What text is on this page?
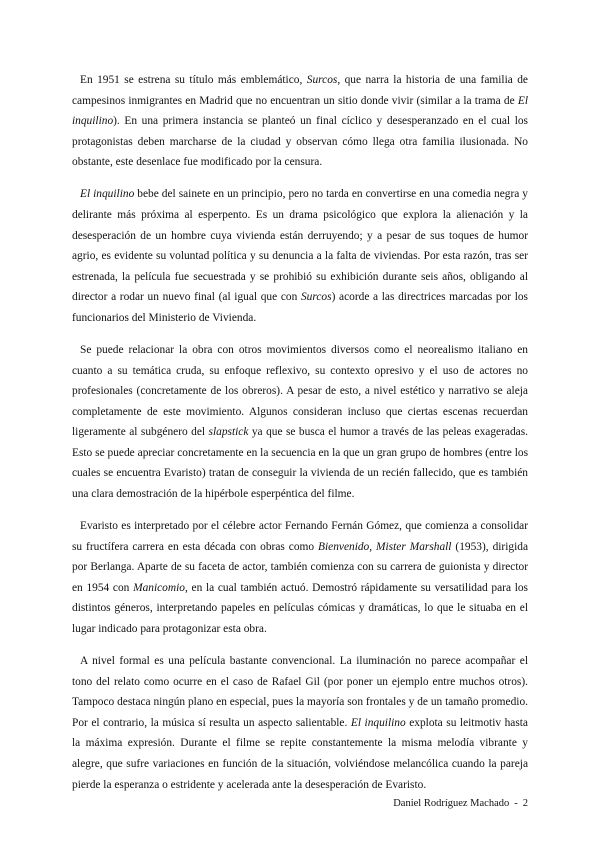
En 1951 se estrena su título más emblemático, Surcos, que narra la historia de una familia de campesinos inmigrantes en Madrid que no encuentran un sitio donde vivir (similar a la trama de El inquilino). En una primera instancia se planteó un final cíclico y desesperanzado en el cual los protagonistas deben marcharse de la ciudad y observan cómo llega otra familia ilusionada. No obstante, este desenlace fue modificado por la censura.

El inquilino bebe del sainete en un principio, pero no tarda en convertirse en una comedia negra y delirante más próxima al esperpento. Es un drama psicológico que explora la alienación y la desesperación de un hombre cuya vivienda están derruyendo; y a pesar de sus toques de humor agrio, es evidente su voluntad política y su denuncia a la falta de viviendas. Por esta razón, tras ser estrenada, la película fue secuestrada y se prohibió su exhibición durante seis años, obligando al director a rodar un nuevo final (al igual que con Surcos) acorde a las directrices marcadas por los funcionarios del Ministerio de Vivienda.

Se puede relacionar la obra con otros movimientos diversos como el neorealismo italiano en cuanto a su temática cruda, su enfoque reflexivo, su contexto opresivo y el uso de actores no profesionales (concretamente de los obreros). A pesar de esto, a nivel estético y narrativo se aleja completamente de este movimiento. Algunos consideran incluso que ciertas escenas recuerdan ligeramente al subgénero del slapstick ya que se busca el humor a través de las peleas exageradas. Esto se puede apreciar concretamente en la secuencia en la que un gran grupo de hombres (entre los cuales se encuentra Evaristo) tratan de conseguir la vivienda de un recién fallecido, que es también una clara demostración de la hipérbole esperpéntica del filme.

Evaristo es interpretado por el célebre actor Fernando Fernán Gómez, que comienza a consolidar su fructífera carrera en esta década con obras como Bienvenido, Mister Marshall (1953), dirigida por Berlanga. Aparte de su faceta de actor, también comienza con su carrera de guionista y director en 1954 con Manicomio, en la cual también actuó. Demostró rápidamente su versatilidad para los distintos géneros, interpretando papeles en películas cómicas y dramáticas, lo que le situaba en el lugar indicado para protagonizar esta obra.

A nivel formal es una película bastante convencional. La iluminación no parece acompañar el tono del relato como ocurre en el caso de Rafael Gil (por poner un ejemplo entre muchos otros). Tampoco destaca ningún plano en especial, pues la mayoría son frontales y de un tamaño promedio. Por el contrario, la música sí resulta un aspecto salientable. El inquilino explota su leitmotiv hasta la máxima expresión. Durante el filme se repite constantemente la misma melodía vibrante y alegre, que sufre variaciones en función de la situación, volviéndose melancólica cuando la pareja pierde la esperanza o estridente y acelerada ante la desesperación de Evaristo.

Daniel Rodríguez Machado - 2
